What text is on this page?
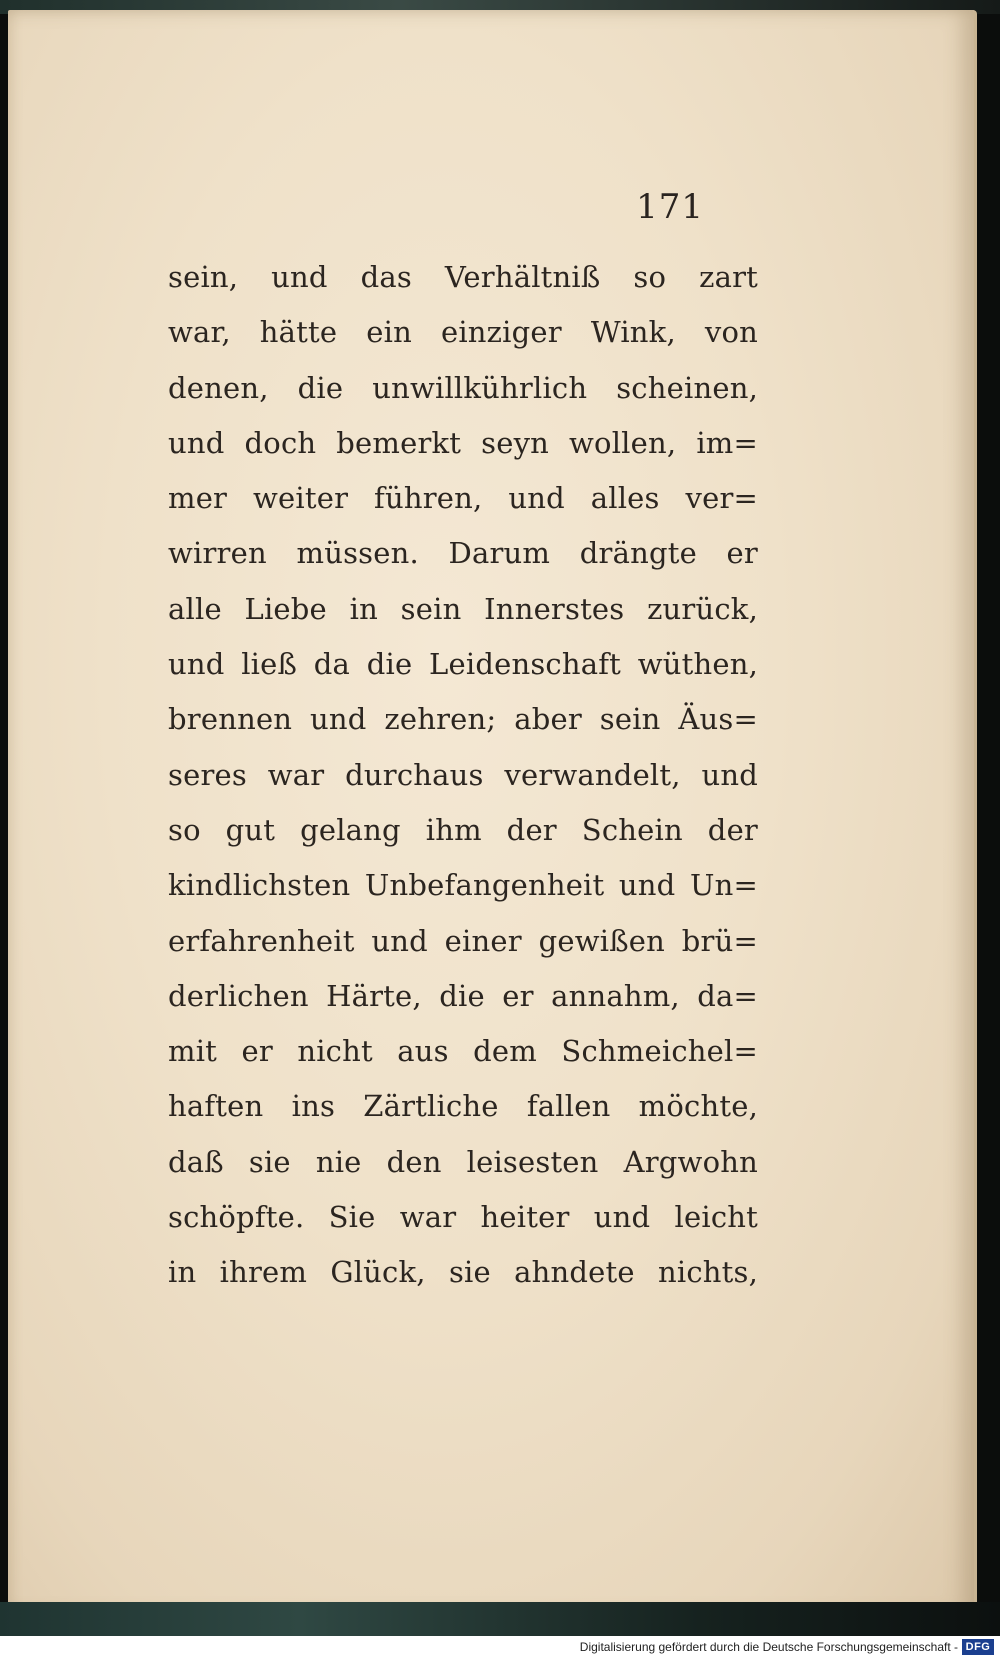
171
sein, und das Verhältniß so zart
war, hätte ein einziger Wink, von
denen, die unwillkührlich scheinen,
und doch bemerkt seyn wollen, im=
mer weiter führen, und alles ver=
wirren müssen. Darum drängte er
alle Liebe in sein Innerstes zurück,
und ließ da die Leidenschaft wüthen,
brennen und zehren; aber sein Äus=
seres war durchaus verwandelt, und
so gut gelang ihm der Schein der
kindlichsten Unbefangenheit und Un=
erfahrenheit und einer gewißen brü=
derlichen Härte, die er annahm, da=
mit er nicht aus dem Schmeichel=
haften ins Zärtliche fallen möchte,
daß sie nie den leisesten Argwohn
schöpfte. Sie war heiter und leicht
in ihrem Glück, sie ahndete nichts,
Digitalisierung gefördert durch die Deutsche Forschungsgemeinschaft - DFG
